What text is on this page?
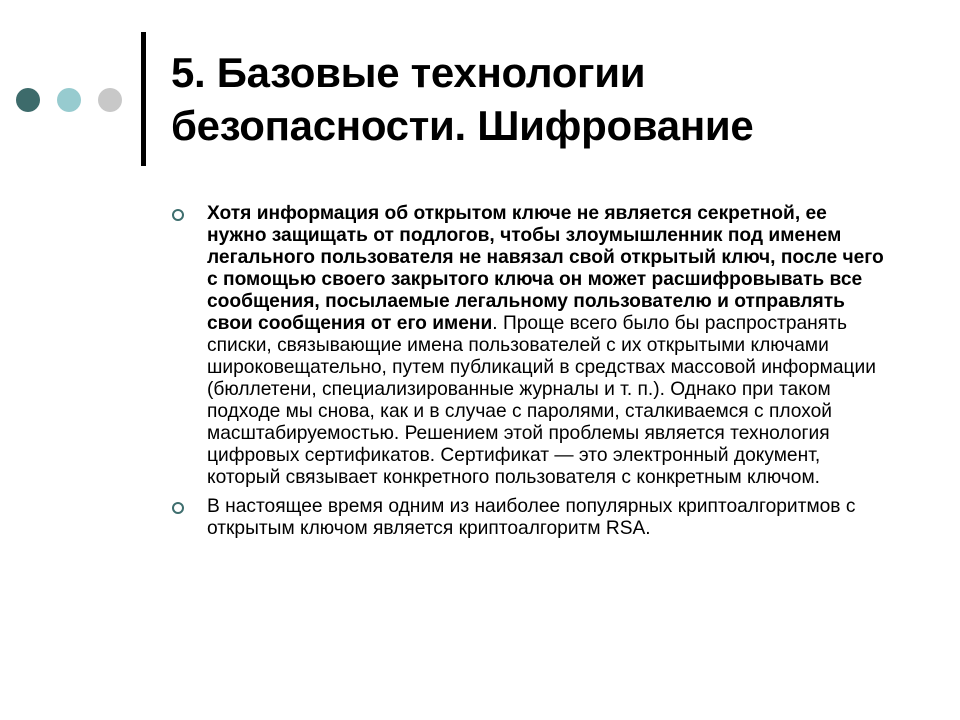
5. Базовые технологии
безопасности. Шифрование
Хотя информация об открытом ключе не является секретной, ее нужно защищать от подлогов, чтобы злоумышленник под именем легального пользователя не навязал свой открытый ключ, после чего с помощью своего закрытого ключа он может расшифровывать все сообщения, посылаемые легальному пользователю и отправлять свои сообщения от его имени. Проще всего было бы распространять списки, связывающие имена пользователей с их открытыми ключами широковещательно, путем публикаций в средствах массовой информации (бюллетени, специализированные журналы и т. п.). Однако при таком подходе мы снова, как и в случае с паролями, сталкиваемся с плохой масштабируемостью. Решением этой проблемы является технология цифровых сертификатов. Сертификат — это электронный документ, который связывает конкретного пользователя с конкретным ключом.
В настоящее время одним из наиболее популярных криптоалгоритмов с открытым ключом является криптоалгоритм RSA.
